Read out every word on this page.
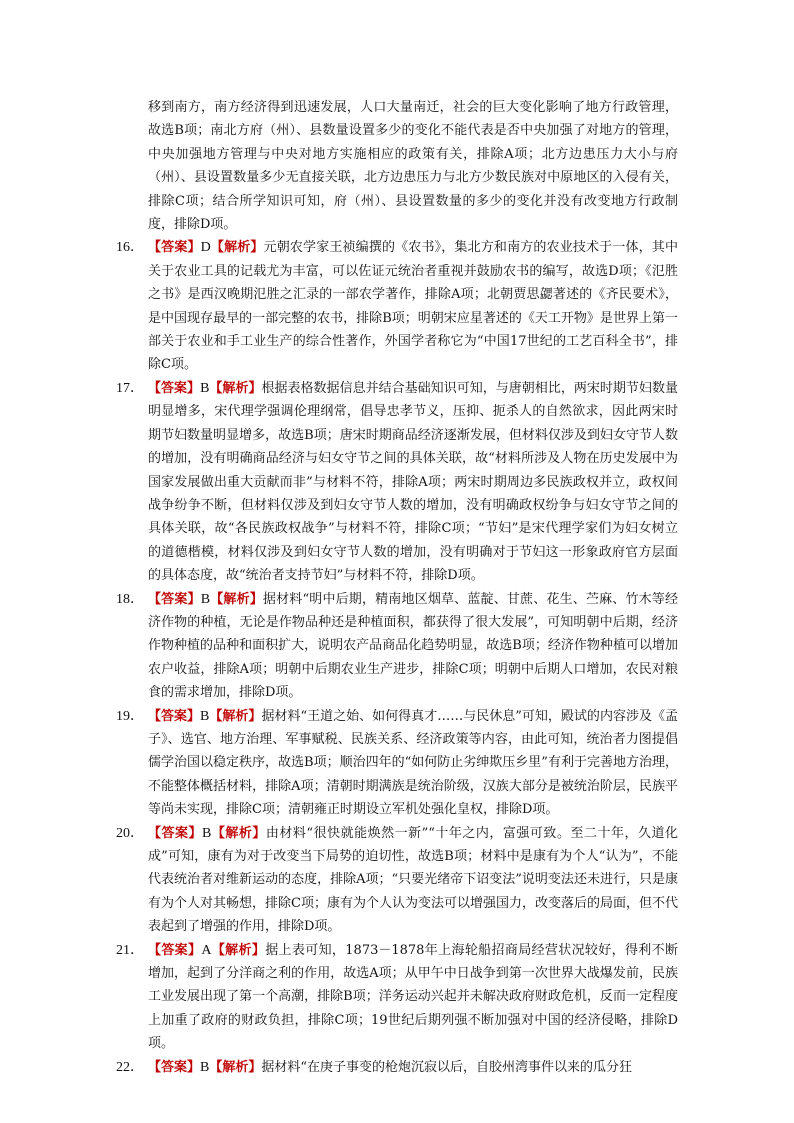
移到南方，南方经济得到迅速发展，人口大量南迁，社会的巨大变化影响了地方行政管理，故选B项；南北方府（州）、县数量设置多少的变化不能代表是否中央加强了对地方的管理，中央加强地方管理与中央对地方实施相应的政策有关，排除A项；北方边患压力大小与府（州）、县设置数量多少无直接关联，北方边患压力与北方少数民族对中原地区的入侵有关，排除C项；结合所学知识可知，府（州）、县设置数量的多少的变化并没有改变地方行政制度，排除D项。

16． 【答案】D【解析】元朝农学家王祯编撰的《农书》，集北方和南方的农业技术于一体，其中关于农业工具的记载尤为丰富，可以佐证元统治者重视并鼓励农书的编写，故选D项；《氾胜之书》是西汉晚期氾胜之汇录的一部农学著作，排除A项；北朝贾思勰著述的《齐民要术》，是中国现存最早的一部完整的农书，排除B项；明朝宋应星著述的《天工开物》是世界上第一部关于农业和手工业生产的综合性著作，外国学者称它为“中国17世纪的工艺百科全书”，排除C项。

17． 【答案】B【解析】根据表格数据信息并结合基础知识可知，与唐朝相比，两宋时期节妇数量明显增多，宋代理学强调伦理纲常，倡导忠孝节义，压抑、扼杀人的自然欲求，因此两宋时期节妇数量明显增多，故选B项；唐宋时期商品经济逐渐发展，但材料仅涉及到妇女守节人数的增加，没有明确商品经济与妇女守节之间的具体关联，故“材料所涉及人物在历史发展中为国家发展做出重大贡献而非”与材料不符，排除A项；两宋时期周边多民族政权并立，政权间战争纷争不断，但材料仅涉及到妇女守节人数的增加，没有明确政权纷争与妇女守节之间的具体关联，故“各民族政权战争”与材料不符，排除C项；“节妇”是宋代理学家们为妇女树立的道德楷模，材料仅涉及到妇女守节人数的增加，没有明确对于节妇这一形象政府官方层面的具体态度，故“统治者支持节妇”与材料不符，排除D项。

18． 【答案】B【解析】据材料“明中后期，精南地区烟草、蓝靛、甘蔗、花生、苎麻、竹木等经济作物的种植，无论是作物品种还是种植面积，都获得了很大发展”，可知明朝中后期，经济作物种植的品种和面积扩大，说明农产品商品化趋势明显，故选B项；经济作物种植可以增加农户收益，排除A项；明朝中后期农业生产进步，排除C项；明朝中后期人口增加，农民对粮食的需求增加，排除D项。

19． 【答案】B【解析】据材料“王道之始、如何得真才……与民休息”可知，殿试的内容涉及《孟子》、选官、地方治理、军事赋税、民族关系、经济政策等内容，由此可知，统治者力图提倡儒学治国以稳定秩序，故选B项；顺治四年的“如何防止劣绅欺压乡里”有利于完善地方治理，不能整体概括材料，排除A项；清朝时期满族是统治阶级，汉族大部分是被统治阶层，民族平等尚未实现，排除C项；清朝雍正时期设立军机处强化皇权，排除D项。

20． 【答案】B【解析】由材料“很快就能焕然一新”“十年之内，富强可致。至二十年，久道化成”可知，康有为对于改变当下局势的迫切性，故选B项；材料中是康有为个人“认为”，不能代表统治者对维新运动的态度，排除A项；“只要光绪帝下诏变法”说明变法还未进行，只是康有为个人对其畅想，排除C项；康有为个人认为变法可以增强国力，改变落后的局面，但不代表起到了增强的作用，排除D项。

21． 【答案】A【解析】据上表可知，1873－1878年上海轮船招商局经营状况较好，得利不断增加，起到了分洋商之利的作用，故选A项；从甲午中日战争到第一次世界大战爆发前，民族工业发展出现了第一个高潮，排除B项；洋务运动兴起并未解决政府财政危机，反而一定程度上加重了政府的财政负担，排除C项；19世纪后期列强不断加强对中国的经济侵略，排除D项。

22． 【答案】B【解析】据材料“在庚子事变的枪炮沉寂以后，自胶州湾事件以来的瓜分狂
